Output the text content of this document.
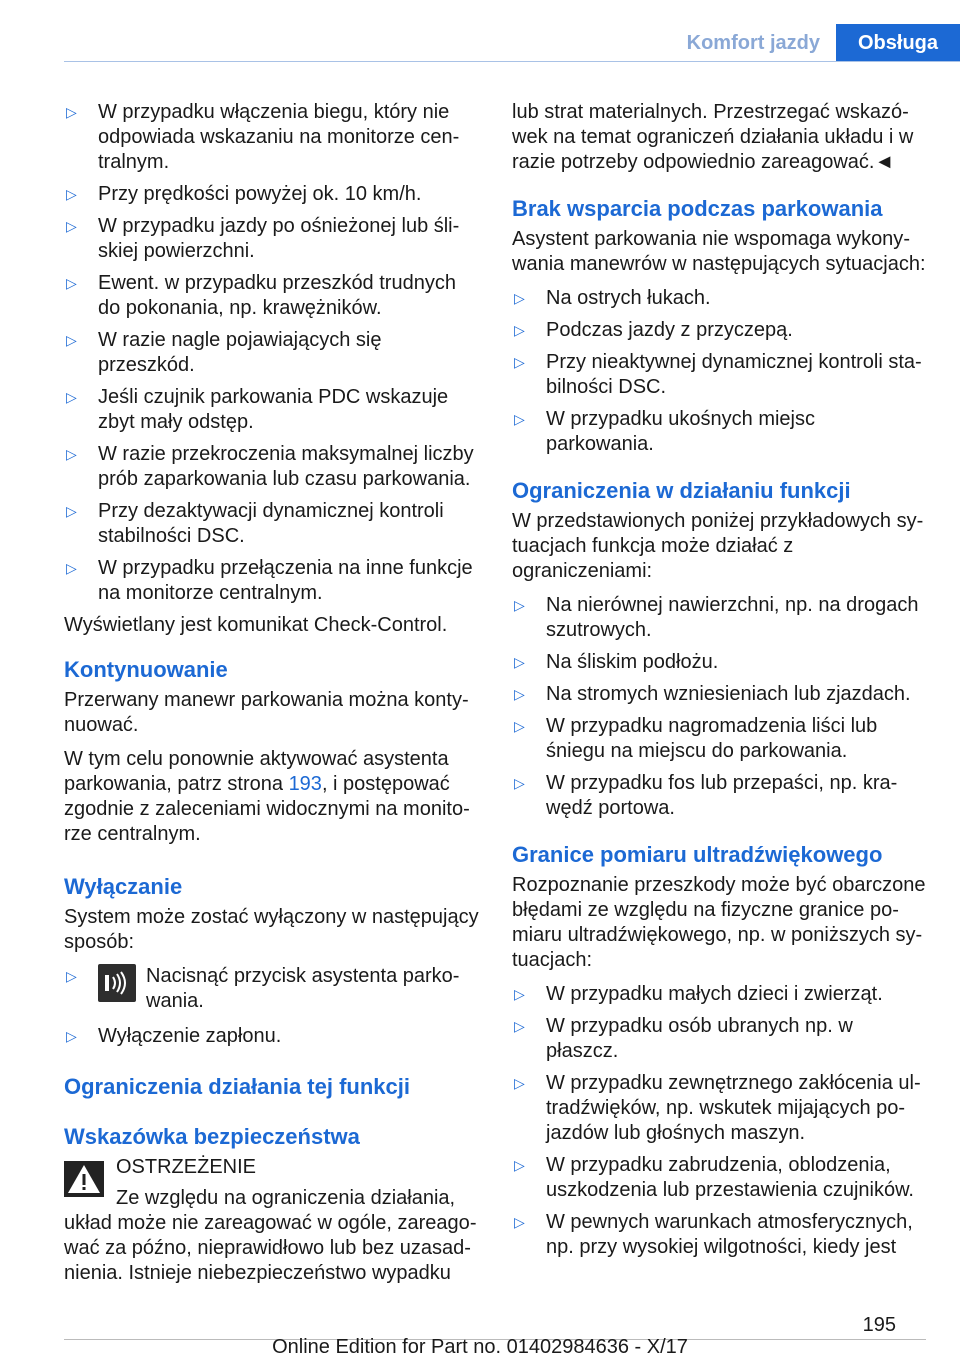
Komfort jazdy	Obsługa
▷	W przypadku włączenia biegu, który nie odpowiada wskazaniu na monitorze centralnym.
▷	Przy prędkości powyżej ok. 10 km/h.
▷	W przypadku jazdy po ośnieżonej lub śliskiej powierzchni.
▷	Ewent. w przypadku przeszkód trudnych do pokonania, np. krawężników.
▷	W razie nagle pojawiających się przeszkód.
▷	Jeśli czujnik parkowania PDC wskazuje zbyt mały odstęp.
▷	W razie przekroczenia maksymalnej liczby prób zaparkowania lub czasu parkowania.
▷	Przy dezaktywacji dynamicznej kontroli stabilności DSC.
▷	W przypadku przełączenia na inne funkcje na monitorze centralnym.

Wyświetlany jest komunikat Check-Control.

Kontynuowanie

Przerwany manewr parkowania można kontynuować.

W tym celu ponownie aktywować asystenta parkowania, patrz strona 193, i postępować zgodnie z zaleceniami widocznymi na monitorze centralnym.

Wyłączanie

System może zostać wyłączony w następujący sposób:

▷	Nacisnąć przycisk asystenta parkowania.
▷	Wyłączenie zapłonu.
Ograniczenia działania tej funkcji
Wskazówka bezpieczeństwa
OSTRZEŻENIE
Ze względu na ograniczenia działania,
układ może nie zareagować w ogóle, zareagować za późno, nieprawidłowo lub bez uzasadnienia. Istnieje niebezpieczeństwo wypadku

lub strat materialnych. Przestrzegać wskazówek na temat ograniczeń działania układu i w razie potrzeby odpowiednio zareagować.◄

Brak wsparcia podczas parkowania

Asystent parkowania nie wspomaga wykonywania manewrów w następujących sytuacjach:

▷	Na ostrych łukach.
▷	Podczas jazdy z przyczepą.
▷	Przy nieaktywnej dynamicznej kontroli stabilności DSC.
▷	W przypadku ukośnych miejsc parkowania.
Ograniczenia w działaniu funkcji

W przedstawionych poniżej przykładowych sytuacjach funkcja może działać z ograniczeniami:

▷	Na nierównej nawierzchni, np. na drogach szutrowych.
▷	Na śliskim podłożu.
▷	Na stromych wzniesieniach lub zjazdach.
▷	W przypadku nagromadzenia liści lub śniegu na miejscu do parkowania.
▷	W przypadku fos lub przepaści, np. krawędź portowa.
Granice pomiaru ultradźwiękowego

Rozpoznanie przeszkody może być obarczone błędami ze względu na fizyczne granice pomiaru ultradźwiękowego, np. w poniższych sytuacjach:

▷	W przypadku małych dzieci i zwierząt.
▷	W przypadku osób ubranych np. w płaszcz.
▷	W przypadku zewnętrznego zakłócenia ultradźwięków, np. wskutek mijających pojazdów lub głośnych maszyn.
▷	W przypadku zabrudzenia, oblodzenia, uszkodzenia lub przestawienia czujników.
▷	W pewnych warunkach atmosferycznych, np. przy wysokiej wilgotności, kiedy jest
195
Online Edition for Part no. 01402984636 - X/17
